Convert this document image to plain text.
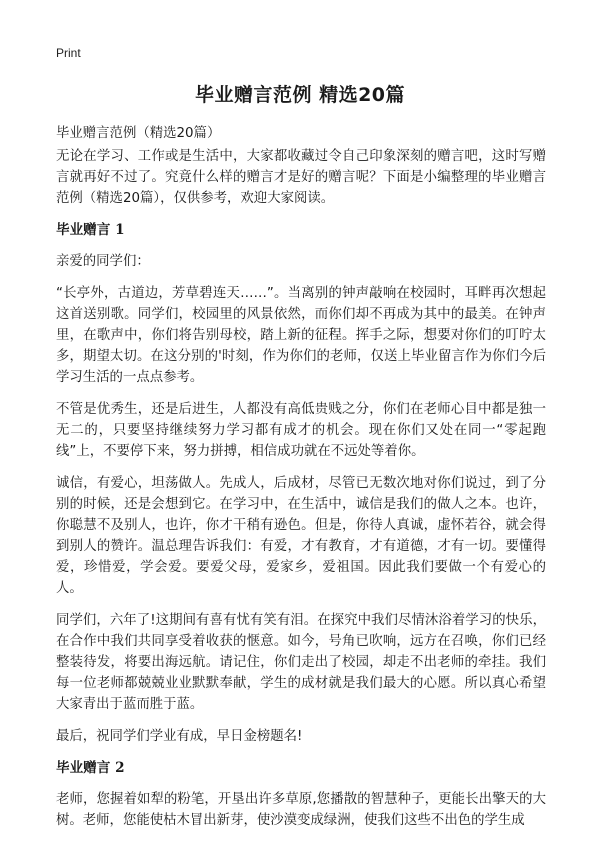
Print
毕业赠言范例 精选20篇

毕业赠言范例（精选20篇）

无论在学习、工作或是生活中，大家都收藏过令自己印象深刻的赠言吧，这时写赠言就再好不过了。究竟什么样的赠言才是好的赠言呢？下面是小编整理的毕业赠言范例（精选20篇），仅供参考，欢迎大家阅读。

毕业赠言 1

亲爱的同学们：

“长亭外，古道边，芳草碧连天……”。当离别的钟声敲响在校园时，耳畔再次想起这首送别歌。同学们，校园里的风景依然，而你们却不再成为其中的最美。在钟声里，在歌声中，你们将告别母校，踏上新的征程。挥手之际，想要对你们的叮咛太多，期望太切。在这分别的'时刻，作为你们的老师，仅送上毕业留言作为你们今后学习生活的一点点参考。

不管是优秀生，还是后进生，人都没有高低贵贱之分，你们在老师心目中都是独一无二的，只要坚持继续努力学习都有成才的机会。现在你们又处在同一“零起跑线”上，不要停下来，努力拼搏，相信成功就在不远处等着你。

诚信，有爱心，坦荡做人。先成人，后成材，尽管已无数次地对你们说过，到了分别的时候，还是会想到它。在学习中，在生活中，诚信是我们的做人之本。也许，你聪慧不及别人，也许，你才干稍有逊色。但是，你待人真诚，虚怀若谷，就会得到别人的赞许。温总理告诉我们：有爱，才有教育，才有道德，才有一切。要懂得爱，珍惜爱，学会爱。要爱父母，爱家乡，爱祖国。因此我们要做一个有爱心的人。

同学们，六年了!这期间有喜有忧有笑有泪。在探究中我们尽情沐浴着学习的快乐，在合作中我们共同享受着收获的惬意。如今，号角已吹响，远方在召唤，你们已经整装待发，将要出海远航。请记住，你们走出了校园，却走不出老师的牵挂。我们每一位老师都兢兢业业默默奉献，学生的成材就是我们最大的心愿。所以真心希望大家青出于蓝而胜于蓝。

最后，祝同学们学业有成，早日金榜题名!

毕业赠言 2

老师，您握着如犁的粉笔，开垦出许多草原,您播散的智慧种子，更能长出擎天的大树。老师，您能使枯木冒出新芽，使沙漠变成绿洲，使我们这些不出色的学生成
